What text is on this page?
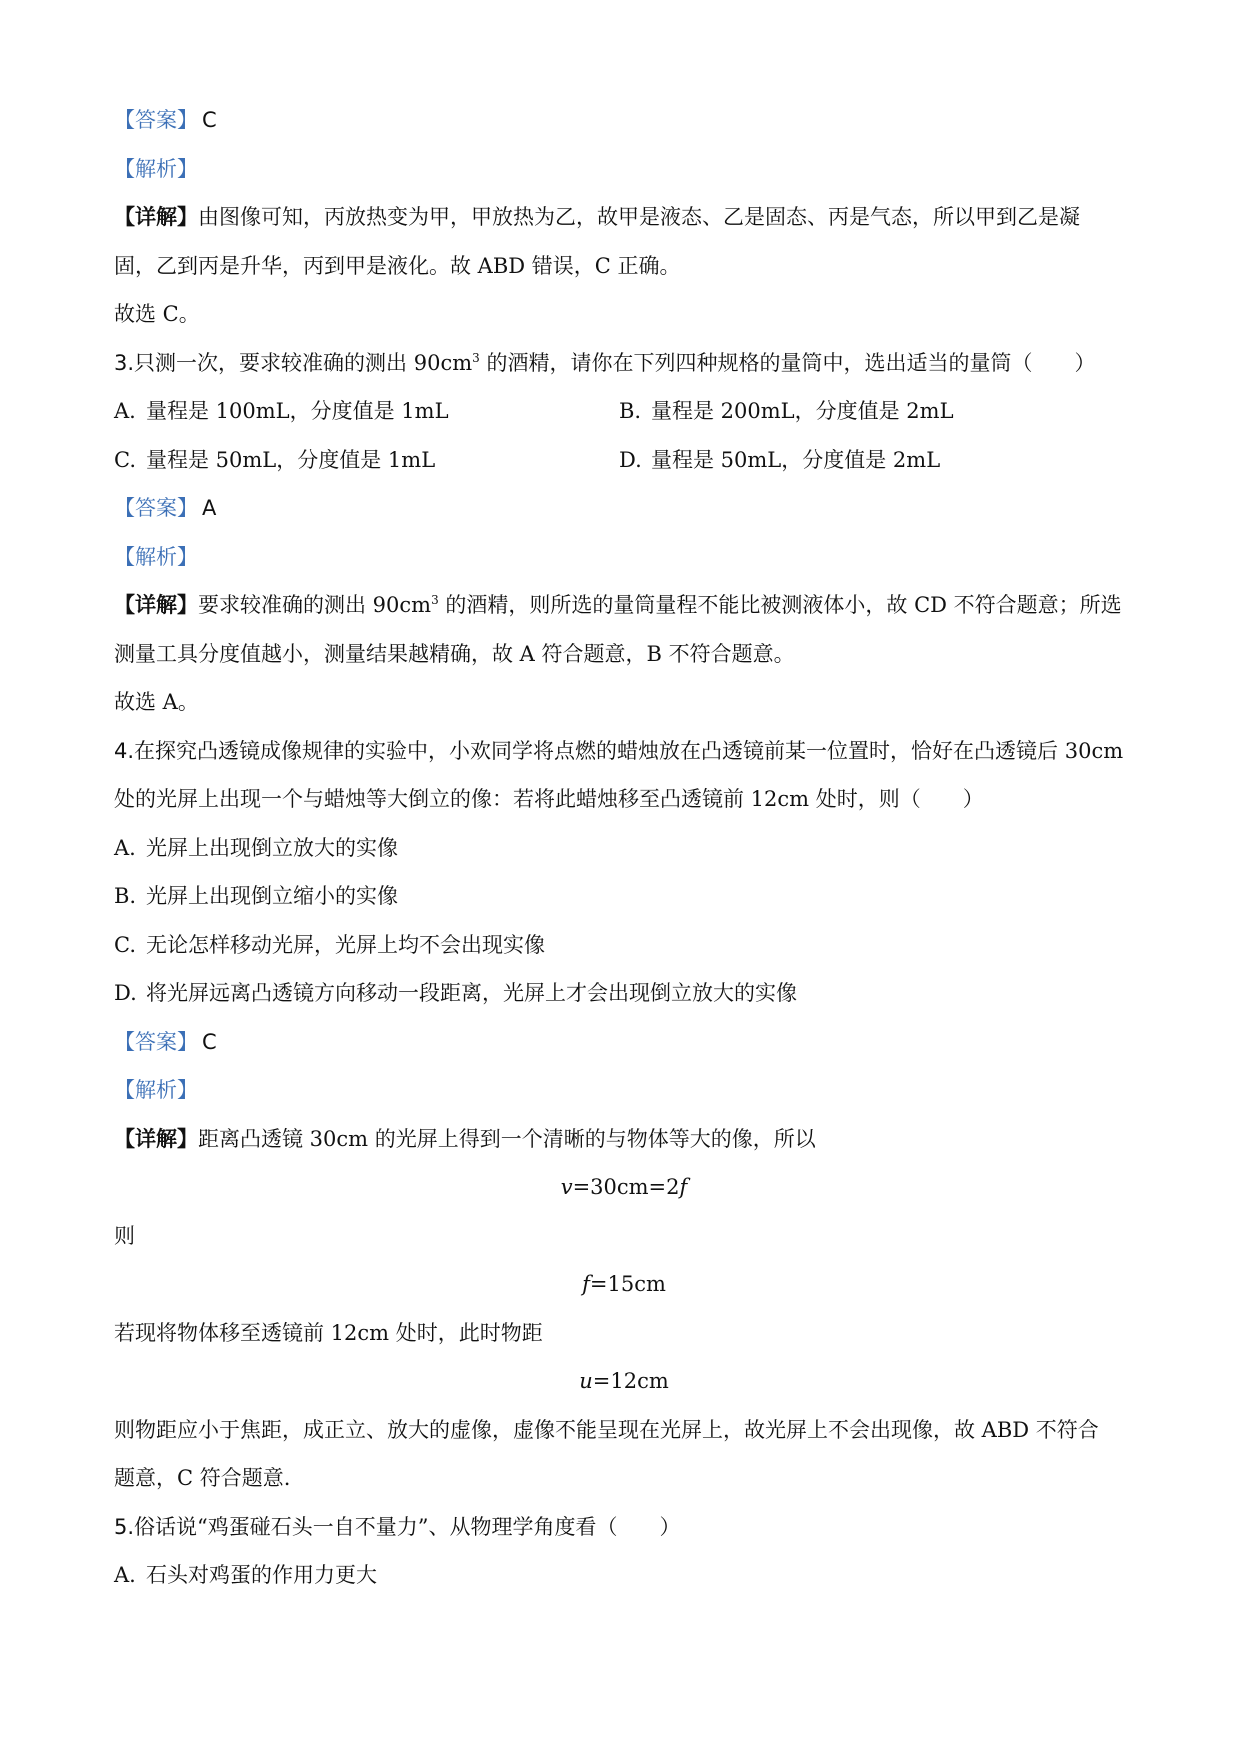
【答案】 C
【解析】
【详解】由图像可知，丙放热变为甲，甲放热为乙，故甲是液态、乙是固态、丙是气态，所以甲到乙是凝
固，乙到丙是升华，丙到甲是液化。故 ABD 错误，C 正确。
故选 C。
3.只测一次，要求较准确的测出 $90cm^3$ 的酒精，请你在下列四种规格的量筒中，选出适当的量筒（　　）
A. 量程是 100mL，分度值是 1mL	B. 量程是 200mL，分度值是 2mL
C. 量程是 50mL，分度值是 1mL	D. 量程是 50mL，分度值是 2mL
【答案】 A
【解析】
【详解】要求较准确的测出 $90cm^3$ 的酒精，则所选的量筒量程不能比被测液体小，故 CD 不符合题意；所选
测量工具分度值越小，测量结果越精确，故 A 符合题意，B 不符合题意。
故选 A。
4.在探究凸透镜成像规律的实验中，小欢同学将点燃的蜡烛放在凸透镜前某一位置时，恰好在凸透镜后 30cm
处的光屏上出现一个与蜡烛等大倒立的像：若将此蜡烛移至凸透镜前 12cm 处时，则（　　）
A. 光屏上出现倒立放大的实像
B. 光屏上出现倒立缩小的实像
C. 无论怎样移动光屏，光屏上均不会出现实像
D. 将光屏远离凸透镜方向移动一段距离，光屏上才会出现倒立放大的实像
【答案】 C
【解析】
【详解】距离凸透镜 30cm 的光屏上得到一个清晰的与物体等大的像，所以
v=30cm=2f
则
f=15cm
若现将物体移至透镜前 12cm 处时，此时物距
u=12cm
则物距应小于焦距，成正立、放大的虚像，虚像不能呈现在光屏上，故光屏上不会出现像，故 ABD 不符合
题意，C 符合题意.
5.俗话说“鸡蛋碰石头一自不量力”、从物理学角度看（　　）
A. 石头对鸡蛋的作用力更大
